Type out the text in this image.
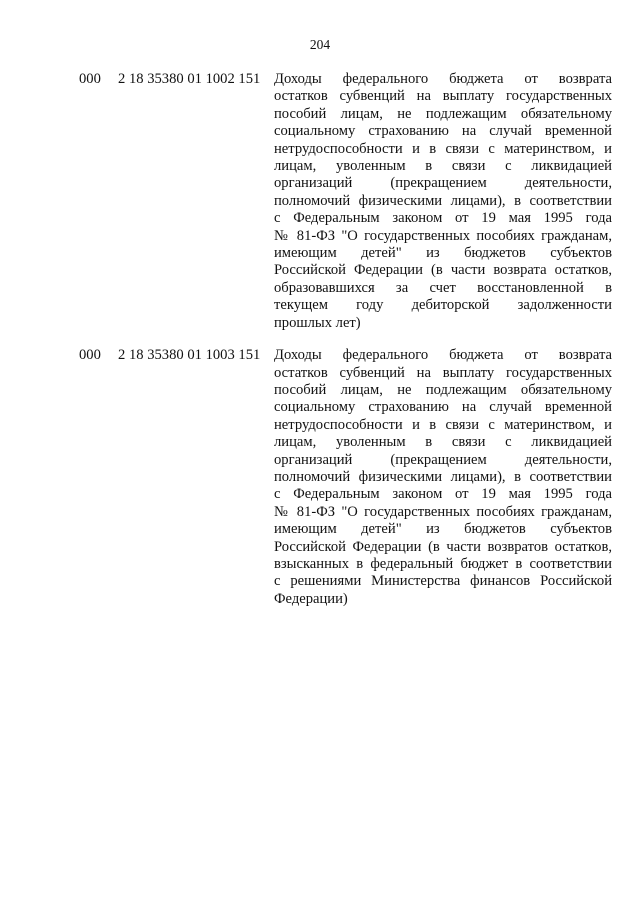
204
000 2 18 35380 01 1002 151 Доходы федерального бюджета от возврата
остатков субвенций на выплату государственных
пособий лицам, не подлежащим обязательному
социальному страхованию на случай временной
нетрудоспособности и в связи с материнством, и
лицам, уволенным в связи с ликвидацией
организаций (прекращением деятельности,
полномочий физическими лицами), в соответствии
с Федеральным законом от 19 мая 1995 года
№ 81-ФЗ "О государственных пособиях гражданам,
имеющим детей" из бюджетов субъектов
Российской Федерации (в части возврата остатков,
образовавшихся за счет восстановленной в
текущем году дебиторской задолженности
прошлых лет)
000 2 18 35380 01 1003 151 Доходы федерального бюджета от возврата
остатков субвенций на выплату государственных
пособий лицам, не подлежащим обязательному
социальному страхованию на случай временной
нетрудоспособности и в связи с материнством, и
лицам, уволенным в связи с ликвидацией
организаций (прекращением деятельности,
полномочий физическими лицами), в соответствии
с Федеральным законом от 19 мая 1995 года
№ 81-ФЗ "О государственных пособиях гражданам,
имеющим детей" из бюджетов субъектов
Российской Федерации (в части возвратов остатков,
взысканных в федеральный бюджет в соответствии
с решениями Министерства финансов Российской
Федерации)
